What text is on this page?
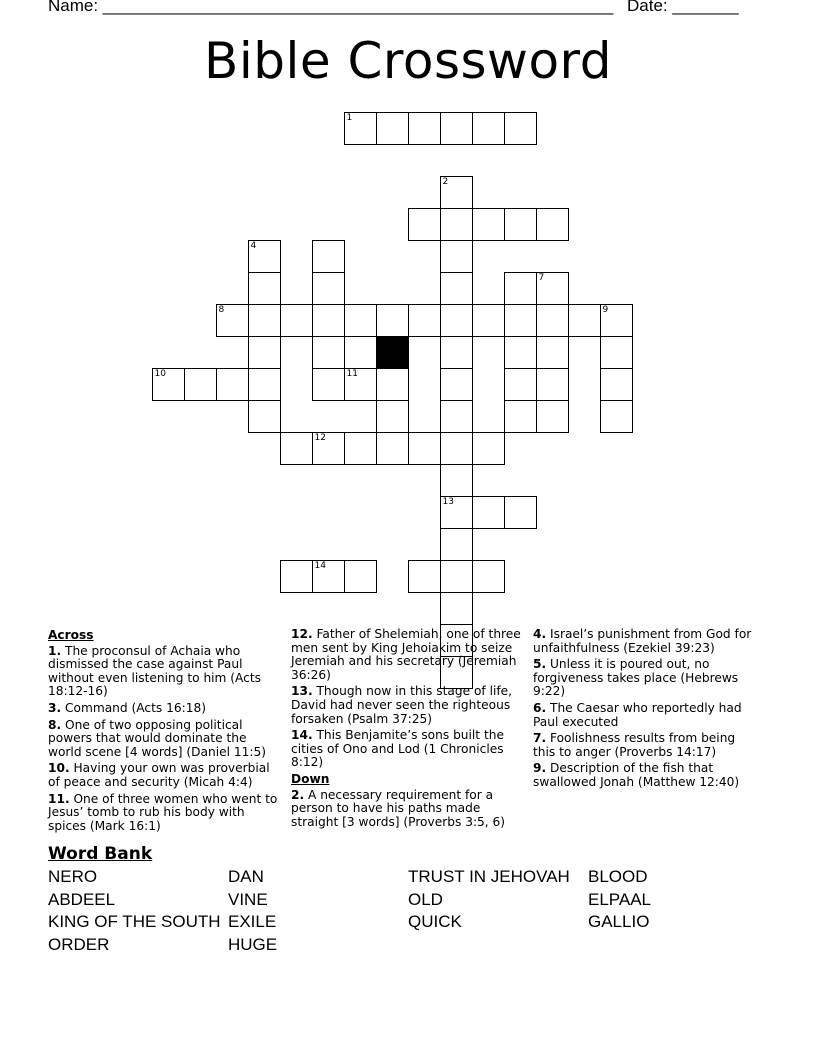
Name: ______________________________________________________ Date: _______
Bible Crossword
1
2
13
4
7
8	9
10	11
12
14
Across

1. The proconsul of Achaia who dismissed the case against Paul without even listening to him (Acts 18:12-16)

3. Command (Acts 16:18)

8. One of two opposing political powers that would dominate the world scene [4 words] (Daniel 11:5)

10. Having your own was proverbial of peace and security (Micah 4:4)

11. One of three women who went to Jesus’ tomb to rub his body with spices (Mark 16:1)

12. Father of Shelemiah, one of three men sent by King Jehoiakim to seize Jeremiah and his secretary (Jeremiah 36:26)

13. Though now in this stage of life, David had never seen the righteous forsaken (Psalm 37:25)

14. This Benjamite’s sons built the cities of Ono and Lod (1 Chronicles 8:12)

Down

2. A necessary requirement for a person to have his paths made straight [3 words] (Proverbs 3:5, 6)

4. Israel’s punishment from God for unfaithfulness (Ezekiel 39:23)

5. Unless it is poured out, no forgiveness takes place (Hebrews 9:22)

6. The Caesar who reportedly had Paul executed

7. Foolishness results from being this to anger (Proverbs 14:17)

9. Description of the fish that swallowed Jonah (Matthew 12:40)

Word Bank
NERO
ABDEEL
KING OF THE SOUTH
ORDER
DAN
VINE
EXILE
HUGE
TRUST IN JEHOVAH
OLD
QUICK
BLOOD
ELPAAL
GALLIO
